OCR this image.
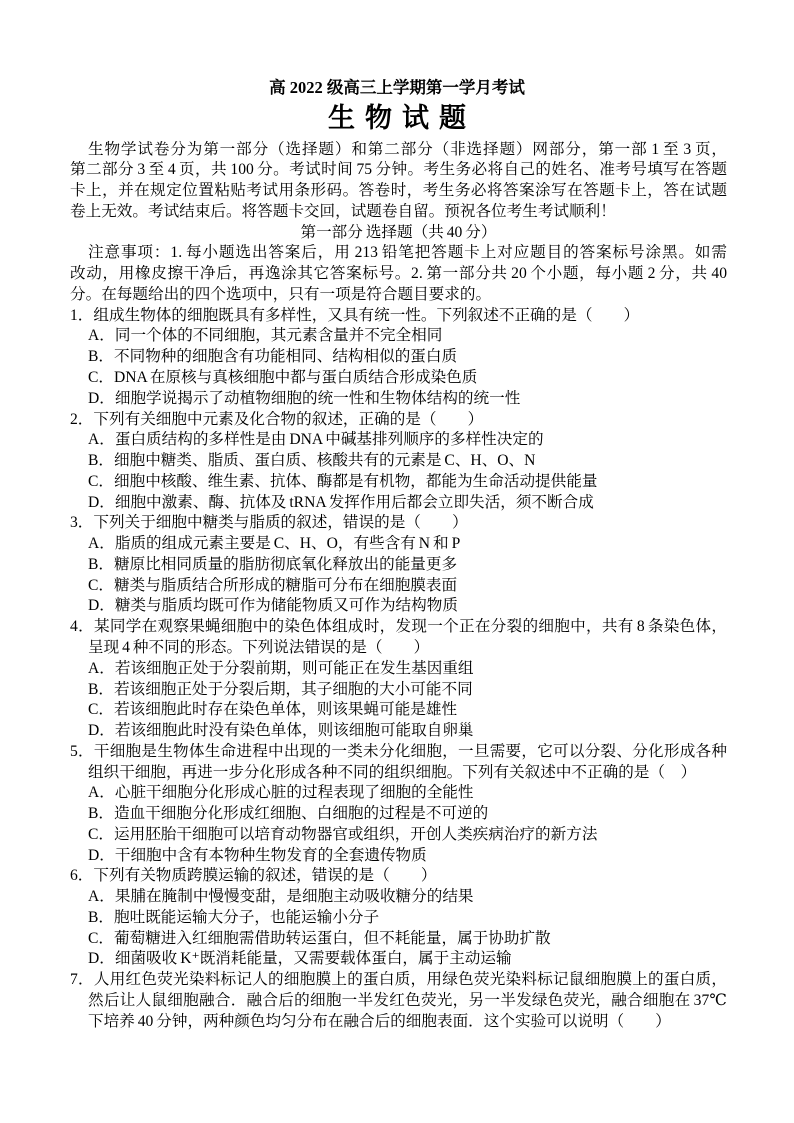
高 2022 级高三上学期第一学月考试
生物试题
生物学试卷分为第一部分（选择题）和第二部分（非选择题）网部分，第一部 1 至 3 页，
第二部分 3 至 4 页，共 100 分。考试时间 75 分钟。考生务必将自己的姓名、准考号填写在答题
卡上，并在规定位置粘贴考试用条形码。答卷时，考生务必将答案涂写在答题卡上，答在试题
卷上无效。考试结束后。将答题卡交回，试题卷自留。预祝各位考生考试顺利！
第一部分 选择题（共 40 分）
注意事项：1. 每小题选出答案后，用 213 铅笔把答题卡上对应题目的答案标号涂黑。如需
改动，用橡皮擦干净后，再逸涂其它答案标号。2. 第一部分共 20 个小题，每小题 2 分，共 40
分。在每题给出的四个选项中，只有一项是符合题目要求的。
1．组成生物体的细胞既具有多样性，又具有统一性。下列叙述不正确的是（　　）
A．同一个体的不同细胞，其元素含量并不完全相同
B．不同物种的细胞含有功能相同、结构相似的蛋白质
C．DNA 在原核与真核细胞中都与蛋白质结合形成染色质
D．细胞学说揭示了动植物细胞的统一性和生物体结构的统一性
2．下列有关细胞中元素及化合物的叙述，正确的是（　　）
A．蛋白质结构的多样性是由 DNA 中碱基排列顺序的多样性决定的
B．细胞中糖类、脂质、蛋白质、核酸共有的元素是 C、H、O、N
C．细胞中核酸、维生素、抗体、酶都是有机物，都能为生命活动提供能量
D．细胞中激素、酶、抗体及 tRNA 发挥作用后都会立即失活，须不断合成
3．下列关于细胞中糖类与脂质的叙述，错误的是（　　）
A．脂质的组成元素主要是 C、H、O，有些含有 N 和 P
B．糖原比相同质量的脂肪彻底氧化释放出的能量更多
C．糖类与脂质结合所形成的糖脂可分布在细胞膜表面
D．糖类与脂质均既可作为储能物质又可作为结构物质
4．某同学在观察果蝇细胞中的染色体组成时，发现一个正在分裂的细胞中，共有 8 条染色体，
呈现 4 种不同的形态。下列说法错误的是（　　）
A．若该细胞正处于分裂前期，则可能正在发生基因重组
B．若该细胞正处于分裂后期，其子细胞的大小可能不同
C．若该细胞此时存在染色单体，则该果蝇可能是雄性
D．若该细胞此时没有染色单体，则该细胞可能取自卵巢
5．干细胞是生物体生命进程中出现的一类未分化细胞，一旦需要，它可以分裂、分化形成各种
组织干细胞，再进一步分化形成各种不同的组织细胞。下列有关叙述中不正确的是（　）
A．心脏干细胞分化形成心脏的过程表现了细胞的全能性
B．造血干细胞分化形成红细胞、白细胞的过程是不可逆的
C．运用胚胎干细胞可以培育动物器官或组织，开创人类疾病治疗的新方法
D．干细胞中含有本物种生物发育的全套遗传物质
6．下列有关物质跨膜运输的叙述，错误的是（　　）
A．果脯在腌制中慢慢变甜，是细胞主动吸收糖分的结果
B．胞吐既能运输大分子，也能运输小分子
C．葡萄糖进入红细胞需借助转运蛋白，但不耗能量，属于协助扩散
D．细菌吸收 K⁺既消耗能量，又需要载体蛋白，属于主动运输
7．人用红色荧光染料标记人的细胞膜上的蛋白质，用绿色荧光染料标记鼠细胞膜上的蛋白质，
然后让人鼠细胞融合．融合后的细胞一半发红色荧光，另一半发绿色荧光，融合细胞在 37℃
下培养 40 分钟，两种颜色均匀分布在融合后的细胞表面．这个实验可以说明（　　）
